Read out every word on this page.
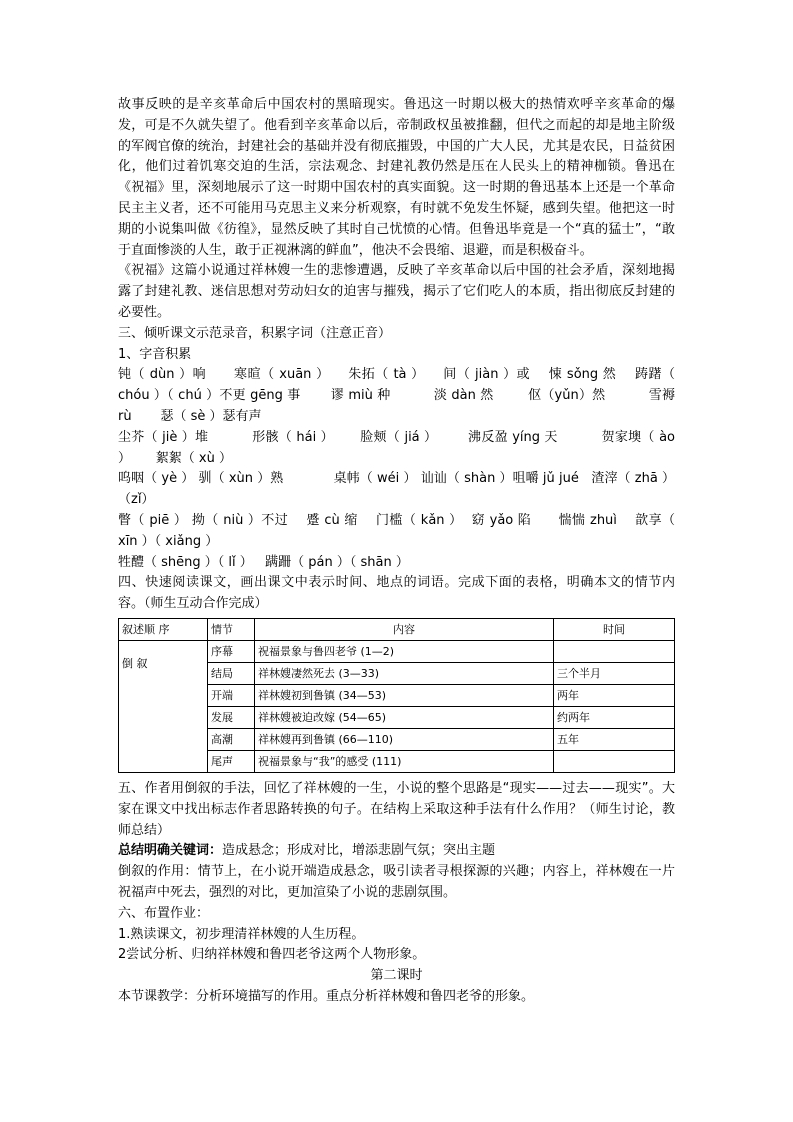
故事反映的是辛亥革命后中国农村的黑暗现实。鲁迅这一时期以极大的热情欢呼辛亥革命的爆发，可是不久就失望了。他看到辛亥革命以后，帝制政权虽被推翻，但代之而起的却是地主阶级的军阀官僚的统治，封建社会的基础并没有彻底摧毁，中国的广大人民，尤其是农民，日益贫困化，他们过着饥寒交迫的生活，宗法观念、封建礼教仍然是压在人民头上的精神枷锁。鲁迅在《祝福》里，深刻地展示了这一时期中国农村的真实面貌。这一时期的鲁迅基本上还是一个革命民主主义者，还不可能用马克思主义来分析观察，有时就不免发生怀疑，感到失望。他把这一时期的小说集叫做《彷徨》，显然反映了其时自己忧愤的心情。但鲁迅毕竟是一个“真的猛士”，“敢于直面惨淡的人生，敢于正视淋漓的鲜血”，他决不会畏缩、退避，而是积极奋斗。

《祝福》这篇小说通过祥林嫂一生的悲惨遭遇，反映了辛亥革命以后中国的社会矛盾，深刻地揭露了封建礼教、迷信思想对劳动妇女的迫害与摧残，揭示了它们吃人的本质，指出彻底反封建的必要性。

三、倾听课文示范录音，积累字词（注意正音）

1、字音积累

钝（ dùn ）响      寒暄（ xuān ）    朱拓（ tà ）    间（ jiàn ）或    悚 sǒng 然    踌躇（ chóu ）（ chú ）不更 gēng 事       谬 miù 种          淡 dàn 然        伛（yǔn）然          雪褥 rù       瑟（ sè ）瑟有声

尘芥（ jiè ）堆          形骸（ hái ）      脸颊（ jiá ）       沸反盈 yíng 天          贺家墺（ ào ）      絮絮（ xù ）

呜咽（ yè ） 驯（ xùn ）熟            桌帏（ wéi ） 讪讪（ shàn ）咀嚼 jǔ jué   渣滓（ zhā ）（zǐ）

瞥（ piē ） 拗（ niù ）不过    蹙 cù 缩    门槛（ kǎn ）  窈 yǎo 陷      惴惴 zhuì    歆享（ xīn ）（ xiǎng ）

牲醴（ shēng ）（ lǐ ）   蹒跚（ pán ）（ shān ）

四、快速阅读课文，画出课文中表示时间、地点的词语。完成下面的表格，明确本文的情节内容。（师生互动合作完成）

叙述顺 序	情节	内容	时间
倒 叙	序幕	祝福景象与鲁四老爷 (1—2)	
	结局	祥林嫂凄然死去 (3—33)	三个半月
	开端	祥林嫂初到鲁镇 (34—53)	两年
	发展	祥林嫂被迫改嫁 (54—65)	约两年
	高潮	祥林嫂再到鲁镇 (66—110)	五年
	尾声	祝福景象与“我”的感受 (111)	

五、作者用倒叙的手法，回忆了祥林嫂的一生，小说的整个思路是“现实——过去——现实”。大家在课文中找出标志作者思路转换的句子。在结构上采取这种手法有什么作用？（师生讨论，教师总结）

总结明确关键词：造成悬念；形成对比，增添悲剧气氛；突出主题

倒叙的作用：情节上，在小说开端造成悬念，吸引读者寻根探源的兴趣；内容上，祥林嫂在一片祝福声中死去，强烈的对比，更加渲染了小说的悲剧氛围。

六、布置作业：

1.熟读课文，初步理清祥林嫂的人生历程。

2尝试分析、归纳祥林嫂和鲁四老爷这两个人物形象。

第二课时

本节课教学：分析环境描写的作用。重点分析祥林嫂和鲁四老爷的形象。
